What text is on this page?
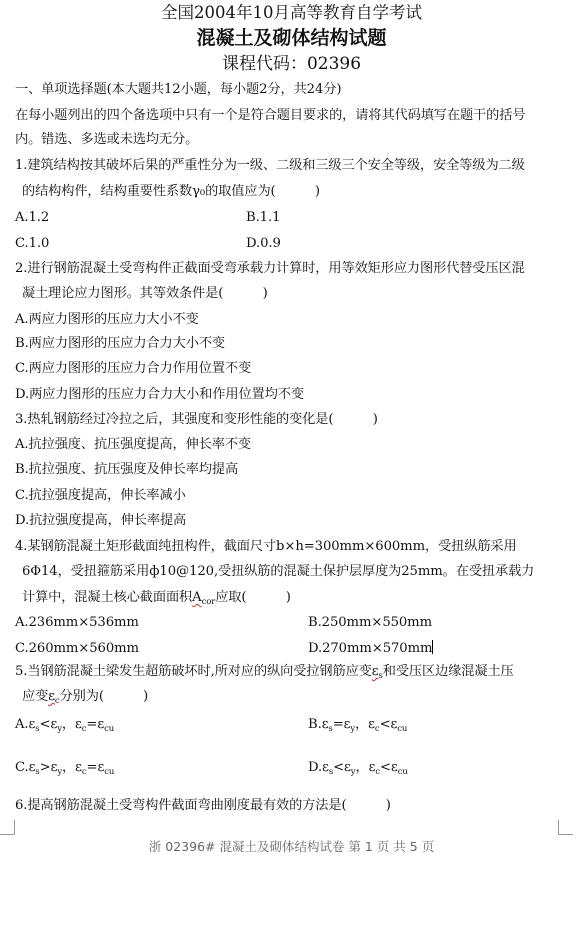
全国2004年10月高等教育自学考试
混凝土及砌体结构试题
课程代码：02396
一、单项选择题(本大题共12小题，每小题2分，共24分)
在每小题列出的四个备选项中只有一个是符合题目要求的，请将其代码填写在题干的括号
内。错选、多选或未选均无分。
1.建筑结构按其破坏后果的严重性分为一级、二级和三级三个安全等级，安全等级为二级
的结构构件，结构重要性系数γ₀的取值应为(　　　)
A.1.2	B.1.1
C.1.0	D.0.9
2.进行钢筋混凝土受弯构件正截面受弯承载力计算时，用等效矩形应力图形代替受压区混
凝土理论应力图形。其等效条件是(　　　)
A.两应力图形的压应力大小不变
B.两应力图形的压应力合力大小不变
C.两应力图形的压应力合力作用位置不变
D.两应力图形的压应力合力大小和作用位置均不变
3.热轧钢筋经过冷拉之后，其强度和变形性能的变化是(　　　)
A.抗拉强度、抗压强度提高，伸长率不变
B.抗拉强度、抗压强度及伸长率均提高
C.抗拉强度提高，伸长率减小
D.抗拉强度提高，伸长率提高
4.某钢筋混凝土矩形截面纯扭构件，截面尺寸b×h=300mm×600mm，受扭纵筋采用
6Φ14，受扭箍筋采用ф10@120,受扭纵筋的混凝土保护层厚度为25mm。在受扭承载力
计算中，混凝土核心截面面积$A_{cor}$应取(　　　)
A.236mm×536mm	B.250mm×550mm
C.260mm×560mm	D.270mm×570mm
5.当钢筋混凝土梁发生超筋破坏时,所对应的纵向受拉钢筋应变$\varepsilon_s$和受压区边缘混凝土压
应变$\varepsilon_c$分别为(　　　)
$A.\varepsilon_s<\varepsilon_y$，$\varepsilon_c=\varepsilon_{cu}$	$B.\varepsilon_s=\varepsilon_y$，$\varepsilon_c<\varepsilon_{cu}$
$C.\varepsilon_s>\varepsilon_y$，$\varepsilon_c=\varepsilon_{cu}$	$D.\varepsilon_s<\varepsilon_y$，$\varepsilon_c<\varepsilon_{cu}$
6.提高钢筋混凝土受弯构件截面弯曲刚度最有效的方法是(　　　)
浙 02396# 混凝土及砌体结构试卷 第 1 页 共 5 页
